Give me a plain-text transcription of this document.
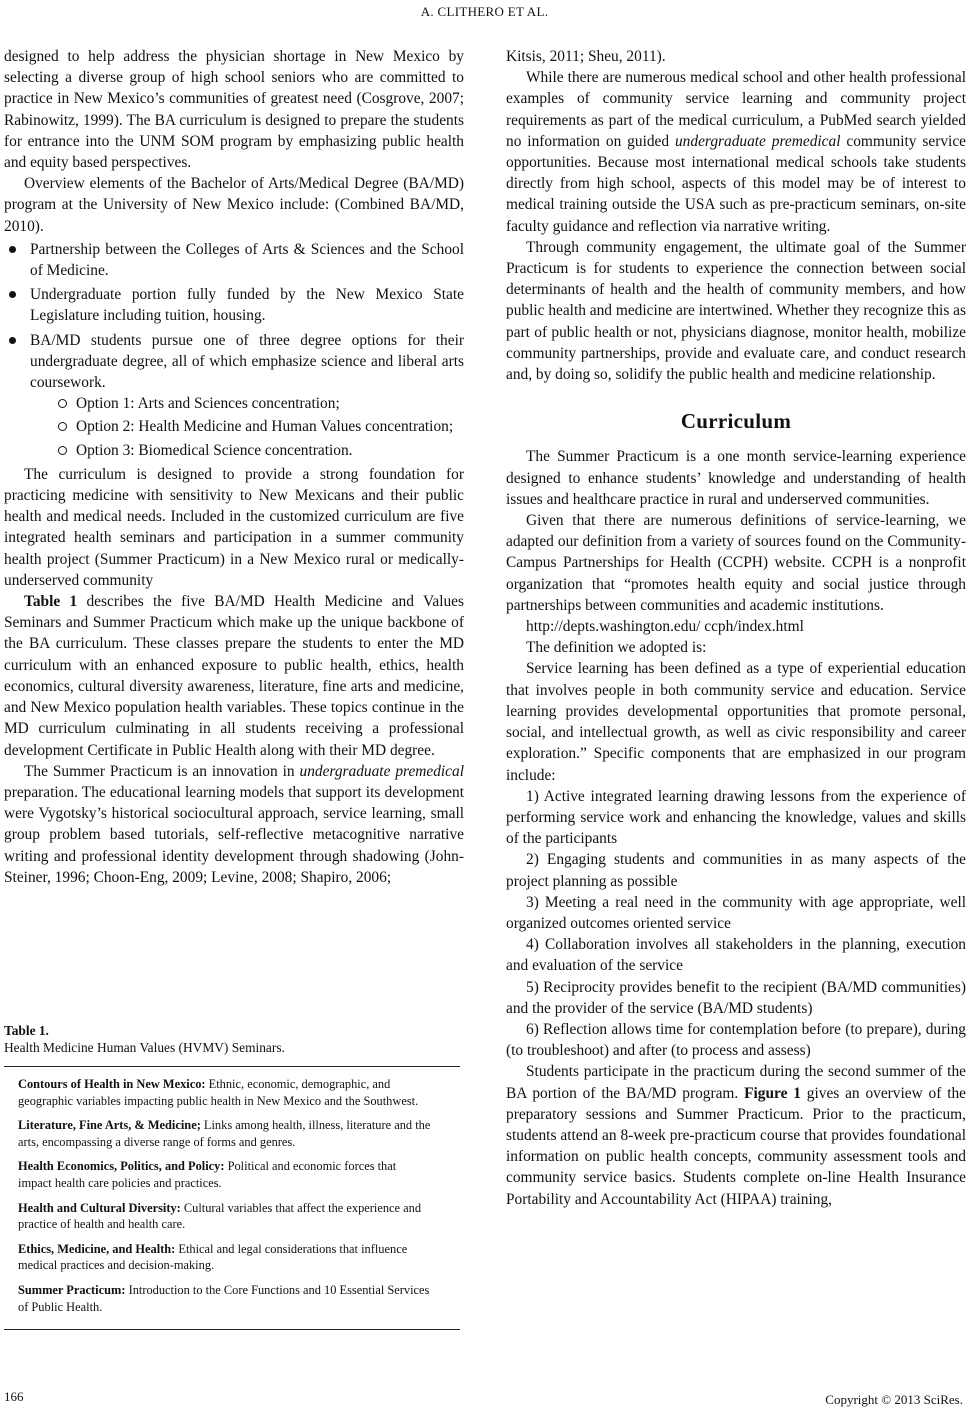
A. CLITHERO ET AL.

designed to help address the physician shortage in New Mexico by selecting a diverse group of high school seniors who are committed to practice in New Mexico’s communities of greatest need (Cosgrove, 2007; Rabinowitz, 1999). The BA curriculum is designed to prepare the students for entrance into the UNM SOM program by emphasizing public health and equity based perspectives.

Overview elements of the Bachelor of Arts/Medical Degree (BA/MD) program at the University of New Mexico include: (Combined BA/MD, 2010).

Partnership between the Colleges of Arts & Sciences and the School of Medicine.
Undergraduate portion fully funded by the New Mexico State Legislature including tuition, housing.
BA/MD students pursue one of three degree options for their undergraduate degree, all of which emphasize science and liberal arts coursework.
Option 1: Arts and Sciences concentration;
Option 2: Health Medicine and Human Values concentration;
Option 3: Biomedical Science concentration.

The curriculum is designed to provide a strong foundation for practicing medicine with sensitivity to New Mexicans and their public health and medical needs. Included in the customized curriculum are five integrated health seminars and participation in a summer community health project (Summer Practicum) in a New Mexico rural or medically-underserved community

Table 1 describes the five BA/MD Health Medicine and Values Seminars and Summer Practicum which make up the unique backbone of the BA curriculum. These classes prepare the students to enter the MD curriculum with an enhanced exposure to public health, ethics, health economics, cultural diversity awareness, literature, fine arts and medicine, and New Mexico population health variables. These topics continue in the MD curriculum culminating in all students receiving a professional development Certificate in Public Health along with their MD degree.

The Summer Practicum is an innovation in undergraduate premedical preparation. The educational learning models that support its development were Vygotsky’s historical sociocultural approach, service learning, small group problem based tutorials, self-reflective metacognitive narrative writing and professional identity development through shadowing (John-Steiner, 1996; Choon-Eng, 2009; Levine, 2008; Shapiro, 2006;

Table 1.
Health Medicine Human Values (HVMV) Seminars.
Contours of Health in New Mexico: Ethnic, economic, demographic, and geographic variables impacting public health in New Mexico and the Southwest.
Literature, Fine Arts, & Medicine; Links among health, illness, literature and the arts, encompassing a diverse range of forms and genres.
Health Economics, Politics, and Policy: Political and economic forces that impact health care policies and practices.
Health and Cultural Diversity: Cultural variables that affect the experience and practice of health and health care.
Ethics, Medicine, and Health: Ethical and legal considerations that influence medical practices and decision-making.
Summer Practicum: Introduction to the Core Functions and 10 Essential Services of Public Health.

Kitsis, 2011; Sheu, 2011).

While there are numerous medical school and other health professional examples of community service learning and community project requirements as part of the medical curriculum, a PubMed search yielded no information on guided undergraduate premedical community service opportunities. Because most international medical schools take students directly from high school, aspects of this model may be of interest to medical training outside the USA such as pre-practicum seminars, on-site faculty guidance and reflection via narrative writing.

Through community engagement, the ultimate goal of the Summer Practicum is for students to experience the connection between social determinants of health and the health of community members, and how public health and medicine are intertwined. Whether they recognize this as part of public health or not, physicians diagnose, monitor health, mobilize community partnerships, provide and evaluate care, and conduct research and, by doing so, solidify the public health and medicine relationship.

Curriculum

The Summer Practicum is a one month service-learning experience designed to enhance students’ knowledge and understanding of health issues and healthcare practice in rural and underserved communities.

Given that there are numerous definitions of service-learning, we adapted our definition from a variety of sources found on the Community-Campus Partnerships for Health (CCPH) website. CCPH is a nonprofit organization that “promotes health equity and social justice through partnerships between communities and academic institutions.

http://depts.washington.edu/ ccph/index.html

The definition we adopted is:

Service learning has been defined as a type of experiential education that involves people in both community service and education. Service learning provides developmental opportunities that promote personal, social, and intellectual growth, as well as civic responsibility and career exploration.” Specific components that are emphasized in our program include:

1) Active integrated learning drawing lessons from the experience of performing service work and enhancing the knowledge, values and skills of the participants

2) Engaging students and communities in as many aspects of the project planning as possible

3) Meeting a real need in the community with age appropriate, well organized outcomes oriented service

4) Collaboration involves all stakeholders in the planning, execution and evaluation of the service

5) Reciprocity provides benefit to the recipient (BA/MD communities) and the provider of the service (BA/MD students)

6) Reflection allows time for contemplation before (to prepare), during (to troubleshoot) and after (to process and assess)

Students participate in the practicum during the second summer of the BA portion of the BA/MD program. Figure 1 gives an overview of the preparatory sessions and Summer Practicum. Prior to the practicum, students attend an 8-week pre-practicum course that provides foundational information on public health concepts, community assessment tools and community service basics. Students complete on-line Health Insurance Portability and Accountability Act (HIPAA) training,

166	Copyright © 2013 SciRes.
